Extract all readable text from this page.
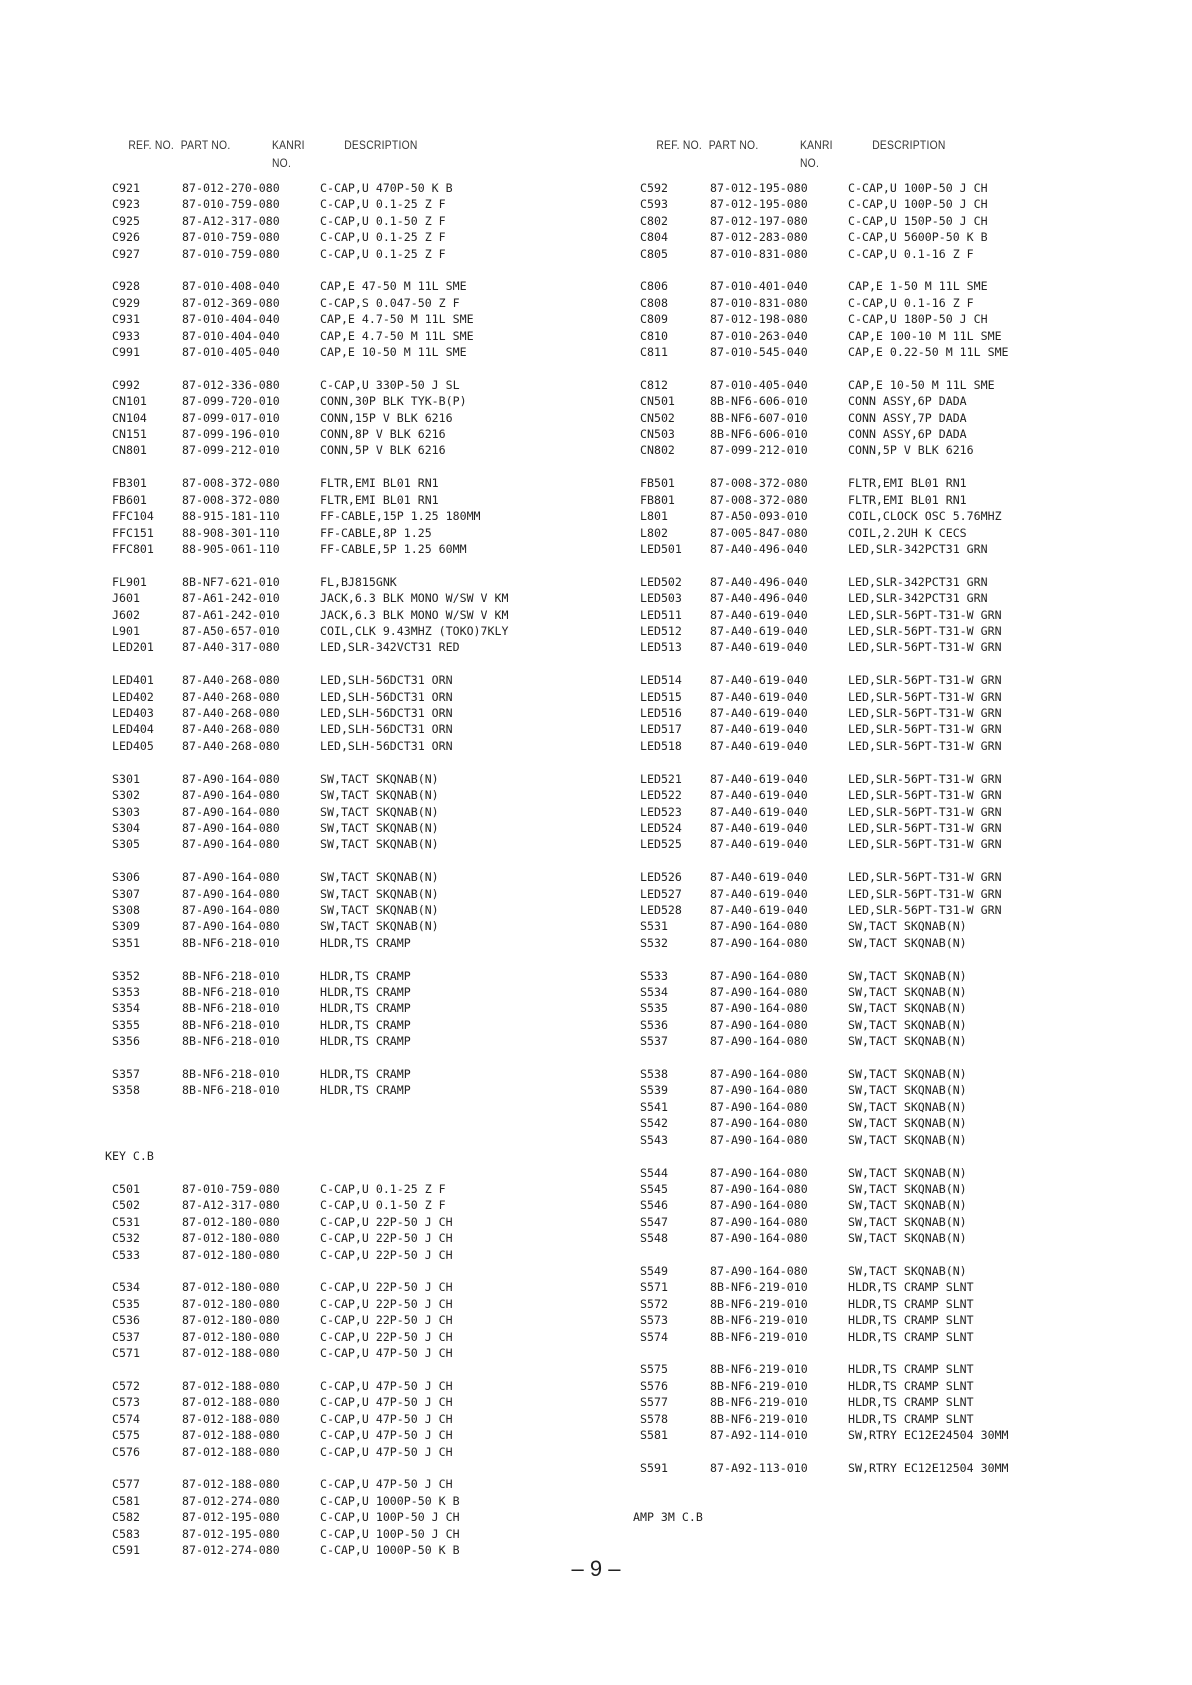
REF. NO. PART NO.	KANRI
NO.
DESCRIPTION
C921	87-012-270-080	C-CAP,U 470P-50 K B
C923	87-010-759-080	C-CAP,U 0.1-25 Z F
C925	87-A12-317-080	C-CAP,U 0.1-50 Z F
C926	87-010-759-080	C-CAP,U 0.1-25 Z F
C927	87-010-759-080	C-CAP,U 0.1-25 Z F
C928	87-010-408-040	CAP,E 47-50 M 11L SME
C929	87-012-369-080	C-CAP,S 0.047-50 Z F
C931	87-010-404-040	CAP,E 4.7-50 M 11L SME
C933	87-010-404-040	CAP,E 4.7-50 M 11L SME
C991	87-010-405-040	CAP,E 10-50 M 11L SME
C992	87-012-336-080	C-CAP,U 330P-50 J SL
CN101	87-099-720-010	CONN,30P BLK TYK-B(P)
CN104	87-099-017-010	CONN,15P V BLK 6216
CN151	87-099-196-010	CONN,8P V BLK 6216
CN801	87-099-212-010	CONN,5P V BLK 6216
FB301	87-008-372-080	FLTR,EMI BL01 RN1
FB601	87-008-372-080	FLTR,EMI BL01 RN1
FFC104 88-915-181-110	FF-CABLE,15P 1.25 180MM
FFC151 88-908-301-110	FF-CABLE,8P 1.25
FFC801 88-905-061-110	FF-CABLE,5P 1.25 60MM
FL901	8B-NF7-621-010	FL,BJ815GNK
J601	87-A61-242-010	JACK,6.3 BLK MONO W/SW V KM
J602	87-A61-242-010	JACK,6.3 BLK MONO W/SW V KM
L901	87-A50-657-010	COIL,CLK 9.43MHZ (TOKO)7KLY
LED201 87-A40-317-080	LED,SLR-342VCT31 RED
LED401 87-A40-268-080	LED,SLH-56DCT31 ORN
LED402 87-A40-268-080	LED,SLH-56DCT31 ORN
LED403 87-A40-268-080	LED,SLH-56DCT31 ORN
LED404 87-A40-268-080	LED,SLH-56DCT31 ORN
LED405 87-A40-268-080	LED,SLH-56DCT31 ORN
S301	87-A90-164-080	SW,TACT SKQNAB(N)
S302	87-A90-164-080	SW,TACT SKQNAB(N)
S303	87-A90-164-080	SW,TACT SKQNAB(N)
S304	87-A90-164-080	SW,TACT SKQNAB(N)
S305	87-A90-164-080	SW,TACT SKQNAB(N)
S306	87-A90-164-080	SW,TACT SKQNAB(N)
S307	87-A90-164-080	SW,TACT SKQNAB(N)
S308	87-A90-164-080	SW,TACT SKQNAB(N)
S309	87-A90-164-080	SW,TACT SKQNAB(N)
S351	8B-NF6-218-010	HLDR,TS CRAMP
S352	8B-NF6-218-010	HLDR,TS CRAMP
S353	8B-NF6-218-010	HLDR,TS CRAMP
S354	8B-NF6-218-010	HLDR,TS CRAMP
S355	8B-NF6-218-010	HLDR,TS CRAMP
S356	8B-NF6-218-010	HLDR,TS CRAMP
S357	8B-NF6-218-010	HLDR,TS CRAMP
S358	8B-NF6-218-010	HLDR,TS CRAMP
KEY C.B
C501	87-010-759-080	C-CAP,U 0.1-25 Z F
C502	87-A12-317-080	C-CAP,U 0.1-50 Z F
C531	87-012-180-080	C-CAP,U 22P-50 J CH
C532	87-012-180-080	C-CAP,U 22P-50 J CH
C533	87-012-180-080	C-CAP,U 22P-50 J CH
C534	87-012-180-080	C-CAP,U 22P-50 J CH
C535	87-012-180-080	C-CAP,U 22P-50 J CH
C536	87-012-180-080	C-CAP,U 22P-50 J CH
C537	87-012-180-080	C-CAP,U 22P-50 J CH
C571	87-012-188-080	C-CAP,U 47P-50 J CH
C572	87-012-188-080	C-CAP,U 47P-50 J CH
C573	87-012-188-080	C-CAP,U 47P-50 J CH
C574	87-012-188-080	C-CAP,U 47P-50 J CH
C575	87-012-188-080	C-CAP,U 47P-50 J CH
C576	87-012-188-080	C-CAP,U 47P-50 J CH
C577	87-012-188-080	C-CAP,U 47P-50 J CH
C581	87-012-274-080	C-CAP,U 1000P-50 K B
C582	87-012-195-080	C-CAP,U 100P-50 J CH
C583	87-012-195-080	C-CAP,U 100P-50 J CH
C591	87-012-274-080	C-CAP,U 1000P-50 K B
REF. NO. PART NO.	KANRI
NO.
DESCRIPTION
C592	87-012-195-080	C-CAP,U 100P-50 J CH
C593	87-012-195-080	C-CAP,U 100P-50 J CH
C802	87-012-197-080	C-CAP,U 150P-50 J CH
C804	87-012-283-080	C-CAP,U 5600P-50 K B
C805	87-010-831-080	C-CAP,U 0.1-16 Z F
C806	87-010-401-040	CAP,E 1-50 M 11L SME
C808	87-010-831-080	C-CAP,U 0.1-16 Z F
C809	87-012-198-080	C-CAP,U 180P-50 J CH
C810	87-010-263-040	CAP,E 100-10 M 11L SME
C811	87-010-545-040	CAP,E 0.22-50 M 11L SME
C812	87-010-405-040	CAP,E 10-50 M 11L SME
CN501	8B-NF6-606-010	CONN ASSY,6P DADA
CN502	8B-NF6-607-010	CONN ASSY,7P DADA
CN503	8B-NF6-606-010	CONN ASSY,6P DADA
CN802	87-099-212-010	CONN,5P V BLK 6216
FB501	87-008-372-080	FLTR,EMI BL01 RN1
FB801	87-008-372-080	FLTR,EMI BL01 RN1
L801	87-A50-093-010	COIL,CLOCK OSC 5.76MHZ
L802	87-005-847-080	COIL,2.2UH K CECS
LED501 87-A40-496-040	LED,SLR-342PCT31 GRN
LED502 87-A40-496-040	LED,SLR-342PCT31 GRN
LED503 87-A40-496-040	LED,SLR-342PCT31 GRN
LED511 87-A40-619-040	LED,SLR-56PT-T31-W GRN
LED512 87-A40-619-040	LED,SLR-56PT-T31-W GRN
LED513 87-A40-619-040	LED,SLR-56PT-T31-W GRN
LED514 87-A40-619-040	LED,SLR-56PT-T31-W GRN
LED515 87-A40-619-040	LED,SLR-56PT-T31-W GRN
LED516 87-A40-619-040	LED,SLR-56PT-T31-W GRN
LED517 87-A40-619-040	LED,SLR-56PT-T31-W GRN
LED518 87-A40-619-040	LED,SLR-56PT-T31-W GRN
LED521 87-A40-619-040	LED,SLR-56PT-T31-W GRN
LED522 87-A40-619-040	LED,SLR-56PT-T31-W GRN
LED523 87-A40-619-040	LED,SLR-56PT-T31-W GRN
LED524 87-A40-619-040	LED,SLR-56PT-T31-W GRN
LED525 87-A40-619-040	LED,SLR-56PT-T31-W GRN
LED526 87-A40-619-040	LED,SLR-56PT-T31-W GRN
LED527 87-A40-619-040	LED,SLR-56PT-T31-W GRN
LED528 87-A40-619-040	LED,SLR-56PT-T31-W GRN
S531	87-A90-164-080	SW,TACT SKQNAB(N)
S532	87-A90-164-080	SW,TACT SKQNAB(N)
S533	87-A90-164-080	SW,TACT SKQNAB(N)
S534	87-A90-164-080	SW,TACT SKQNAB(N)
S535	87-A90-164-080	SW,TACT SKQNAB(N)
S536	87-A90-164-080	SW,TACT SKQNAB(N)
S537	87-A90-164-080	SW,TACT SKQNAB(N)
S538	87-A90-164-080	SW,TACT SKQNAB(N)
S539	87-A90-164-080	SW,TACT SKQNAB(N)
S541	87-A90-164-080	SW,TACT SKQNAB(N)
S542	87-A90-164-080	SW,TACT SKQNAB(N)
S543	87-A90-164-080	SW,TACT SKQNAB(N)
S544	87-A90-164-080	SW,TACT SKQNAB(N)
S545	87-A90-164-080	SW,TACT SKQNAB(N)
S546	87-A90-164-080	SW,TACT SKQNAB(N)
S547	87-A90-164-080	SW,TACT SKQNAB(N)
S548	87-A90-164-080	SW,TACT SKQNAB(N)
S549	87-A90-164-080	SW,TACT SKQNAB(N)
S571	8B-NF6-219-010	HLDR,TS CRAMP SLNT
S572	8B-NF6-219-010	HLDR,TS CRAMP SLNT
S573	8B-NF6-219-010	HLDR,TS CRAMP SLNT
S574	8B-NF6-219-010	HLDR,TS CRAMP SLNT
S575	8B-NF6-219-010	HLDR,TS CRAMP SLNT
S576	8B-NF6-219-010	HLDR,TS CRAMP SLNT
S577	8B-NF6-219-010	HLDR,TS CRAMP SLNT
S578	8B-NF6-219-010	HLDR,TS CRAMP SLNT
S581	87-A92-114-010	SW,RTRY EC12E24504 30MM
S591	87-A92-113-010	SW,RTRY EC12E12504 30MM
AMP 3M C.B
– 9 –
